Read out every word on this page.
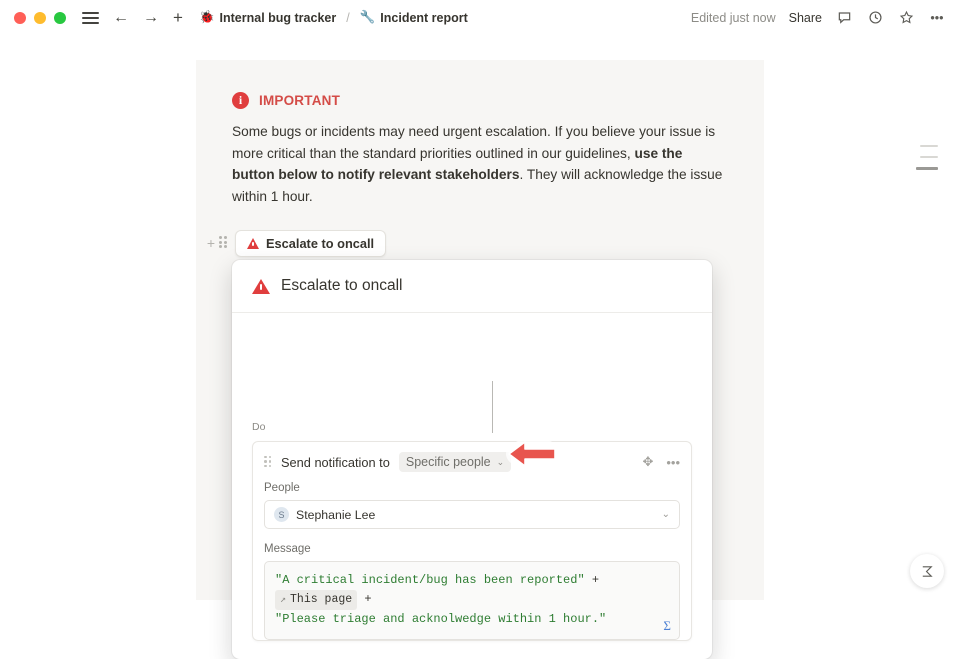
← → + 🐞 Internal bug tracker / 🔧 Incident report	Edited just now Share	•••
i	IMPORTANT
Some bugs or incidents may need urgent escalation. If you believe your issue is more critical than the standard priorities outlined in our guidelines, use the button below to notify relevant stakeholders. They will acknowledge the issue within 1 hour.
+	Escalate to oncall
Escalate to oncall
Do
Send notification to Specific people ⌄	✥ •••
People
S Stephanie Lee	⌄
Message
"A critical incident/bug has been reported" +
↗ This page +
"Please triage and acknolwedge within 1 hour."	Σ
